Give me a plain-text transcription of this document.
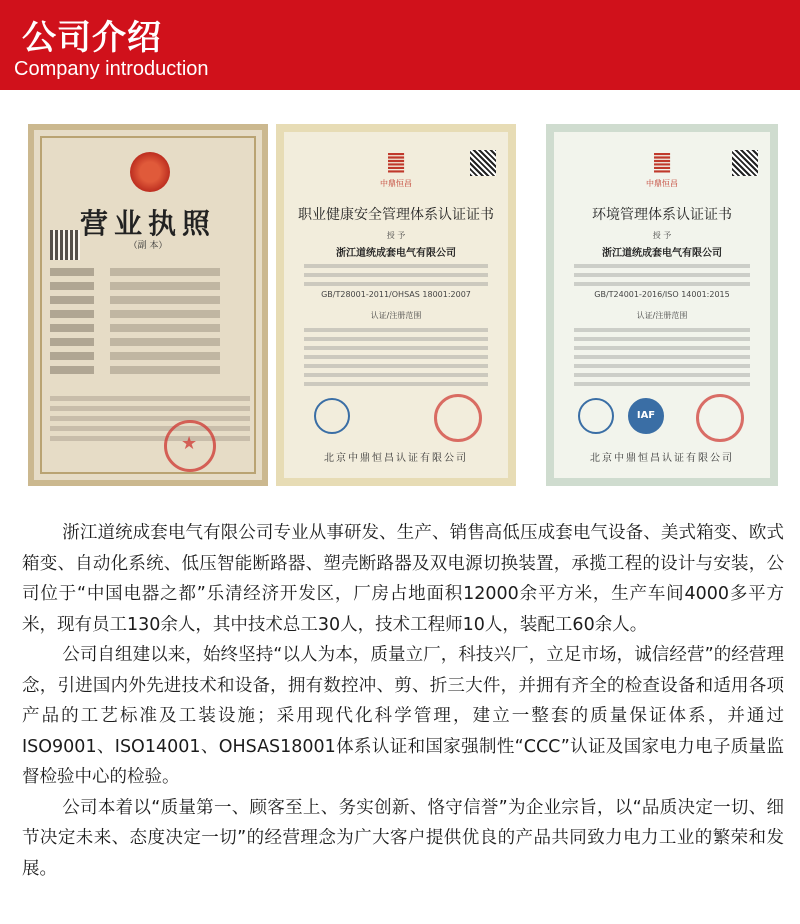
公司介绍
Company introduction
营业执照
（副 本）
★
䷀
中鼎恒昌
职业健康安全管理体系认证证书
授 予
浙江道统成套电气有限公司
GB/T28001-2011/OHSAS 18001:2007
认证/注册范围
北京中鼎恒昌认证有限公司
䷀
中鼎恒昌
环境管理体系认证证书
授 予
浙江道统成套电气有限公司
GB/T24001-2016/ISO 14001:2015
认证/注册范围
IAF
北京中鼎恒昌认证有限公司

浙江道统成套电气有限公司专业从事研发、生产、销售高低压成套电气设备、美式箱变、欧式箱变、自动化系统、低压智能断路器、塑壳断路器及双电源切换装置，承揽工程的设计与安装，公司位于“中国电器之都”乐清经济开发区，厂房占地面积12000余平方米，生产车间4000多平方米，现有员工130余人，其中技术总工30人，技术工程师10人，装配工60余人。

公司自组建以来，始终坚持“以人为本，质量立厂，科技兴厂，立足市场，诚信经营”的经营理念，引进国内外先进技术和设备，拥有数控冲、剪、折三大件，并拥有齐全的检查设备和适用各项产品的工艺标准及工装设施；采用现代化科学管理，建立一整套的质量保证体系，并通过ISO9001、ISO14001、OHSAS18001体系认证和国家强制性“CCC”认证及国家电力电子质量监督检验中心的检验。

公司本着以“质量第一、顾客至上、务实创新、恪守信誉”为企业宗旨，以“品质决定一切、细节决定未来、态度决定一切”的经营理念为广大客户提供优良的产品共同致力电力工业的繁荣和发展。
